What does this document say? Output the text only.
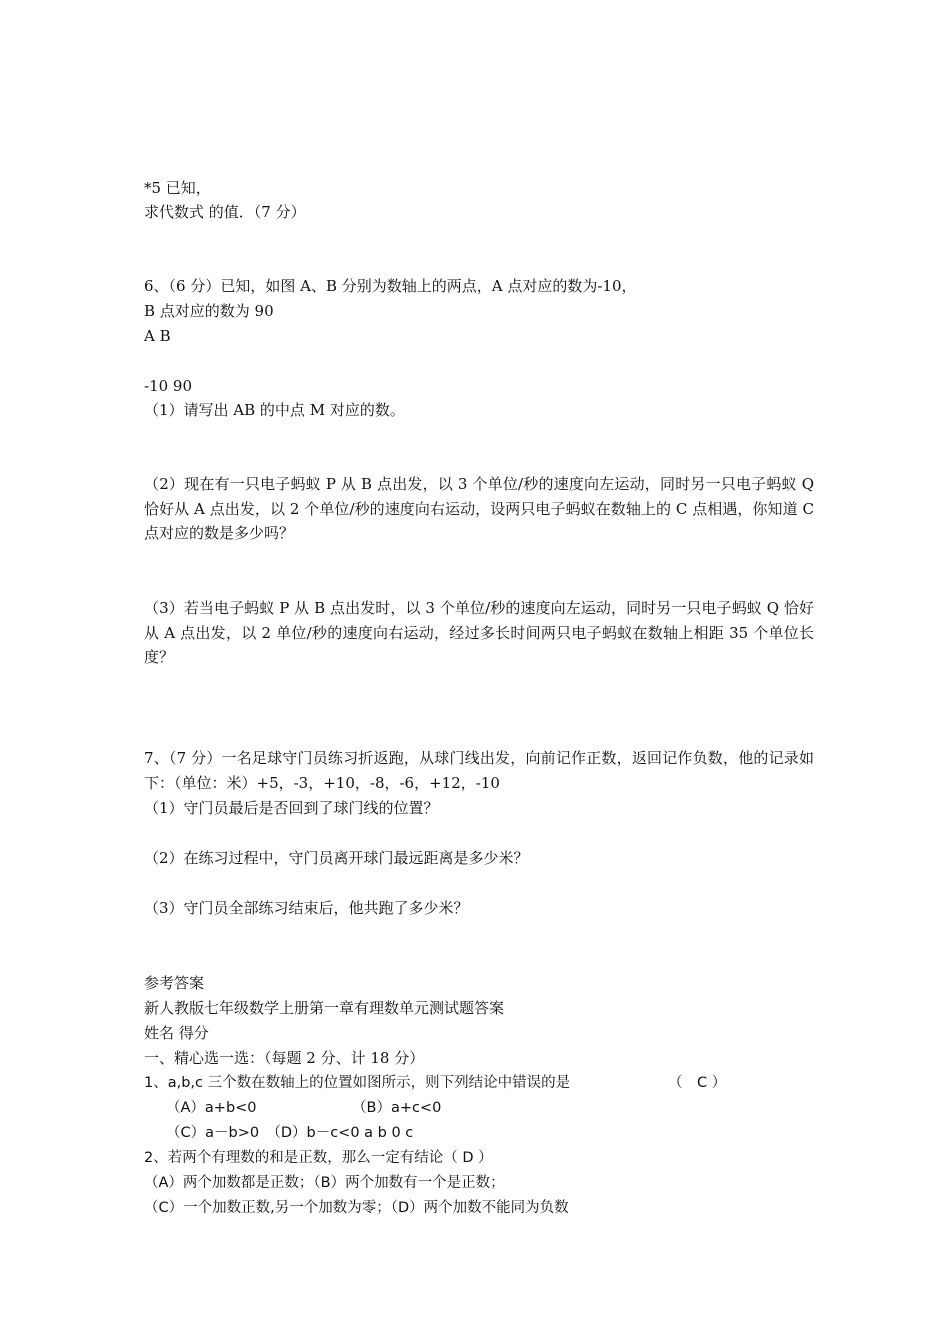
*5 已知，
求代数式 的值．（7 分）
6、（6 分）已知，如图 A、B 分别为数轴上的两点，A 点对应的数为-10，
B 点对应的数为 90
A B
-10 90
（1）请写出 AB 的中点 M 对应的数。
（2）现在有一只电子蚂蚁 P 从 B 点出发，以 3 个单位/秒的速度向左运动，同时另一只电子蚂蚁 Q 恰好从 A 点出发，以 2 个单位/秒的速度向右运动，设两只电子蚂蚁在数轴上的 C 点相遇，你知道 C 点对应的数是多少吗？
（3）若当电子蚂蚁 P 从 B 点出发时，以 3 个单位/秒的速度向左运动，同时另一只电子蚂蚁 Q 恰好从 A 点出发，以 2 单位/秒的速度向右运动，经过多长时间两只电子蚂蚁在数轴上相距 35 个单位长度？
7、（7 分）一名足球守门员练习折返跑，从球门线出发，向前记作正数，返回记作负数，他的记录如下：（单位：米）+5，-3，+10，-8，-6，+12，-10
（1）守门员最后是否回到了球门线的位置？
（2）在练习过程中，守门员离开球门最远距离是多少米？
（3）守门员全部练习结束后，他共跑了多少米？
参考答案
新人教版七年级数学上册第一章有理数单元测试题答案
姓名 得分
一、精心选一选：（每题 2 分、计 18 分）
1、a,b,c 三个数在数轴上的位置如图所示，则下列结论中错误的是	（　C ）
（A）a+b<0	（B）a+c<0
（C）a－b>0　（D）b－c<0 a b 0 c
2、若两个有理数的和是正数，那么一定有结论（ D ）
（A）两个加数都是正数；（B）两个加数有一个是正数；
（C）一个加数正数,另一个加数为零；（D）两个加数不能同为负数
